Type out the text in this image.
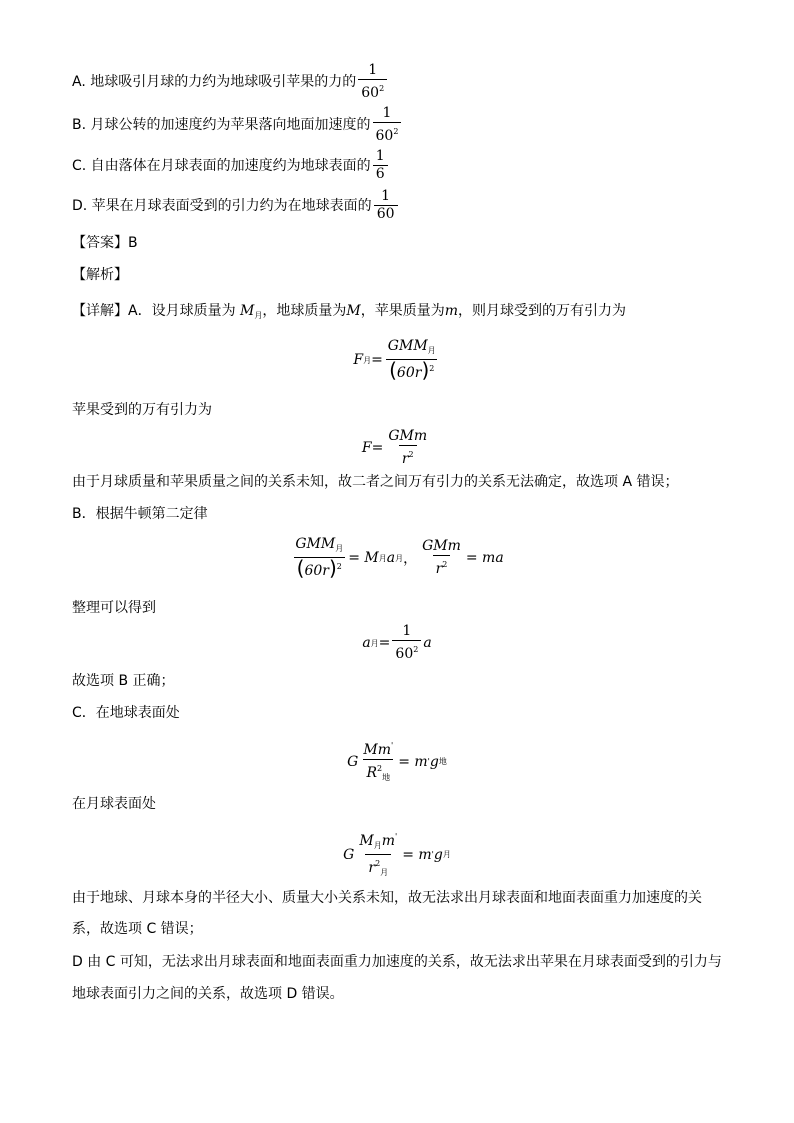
A. 地球吸引月球的力约为地球吸引苹果的力的 $\frac{1}{60^2}$
B. 月球公转的加速度约为苹果落向地面加速度的 $\frac{1}{60^2}$
C. 自由落体在月球表面的加速度约为地球表面的 $\frac{1}{6}$
D. 苹果在月球表面受到的引力约为在地球表面的 $\frac{1}{60}$
【答案】B
【解析】
【详解】A．设月球质量为 $M_月$，地球质量为M，苹果质量为m，则月球受到的万有引力为
F 月 = $\frac{GMM_月}{(60r)^2}$
苹果受到的万有引力为
$F = \frac{\text{GMm}}{r^2}$
由于月球质量和苹果质量之间的关系未知，故二者之间万有引力的关系无法确定，故选项 A 错误；
B．根据牛顿第二定律
$\frac{GMM_月}{(60r)^2} = M$ 月 a 月 ， $\frac{\text{GMm}}{r^2}$ = ma
整理可以得到
a 月 = $\frac{1}{60^2}$ a
故选项 B 正确；
C．在地球表面处
G $\frac{Mm'}{R^2_地} = m$ ' g 地
在月球表面处
G $\frac{M_月m'}{r^2_月} = m$ ' g 月
由于地球、月球本身的半径大小、质量大小关系未知，故无法求出月球表面和地面表面重力加速度的关
系，故选项 C 错误；
D 由 C 可知，无法求出月球表面和地面表面重力加速度的关系，故无法求出苹果在月球表面受到的引力与
地球表面引力之间的关系，故选项 D 错误。
